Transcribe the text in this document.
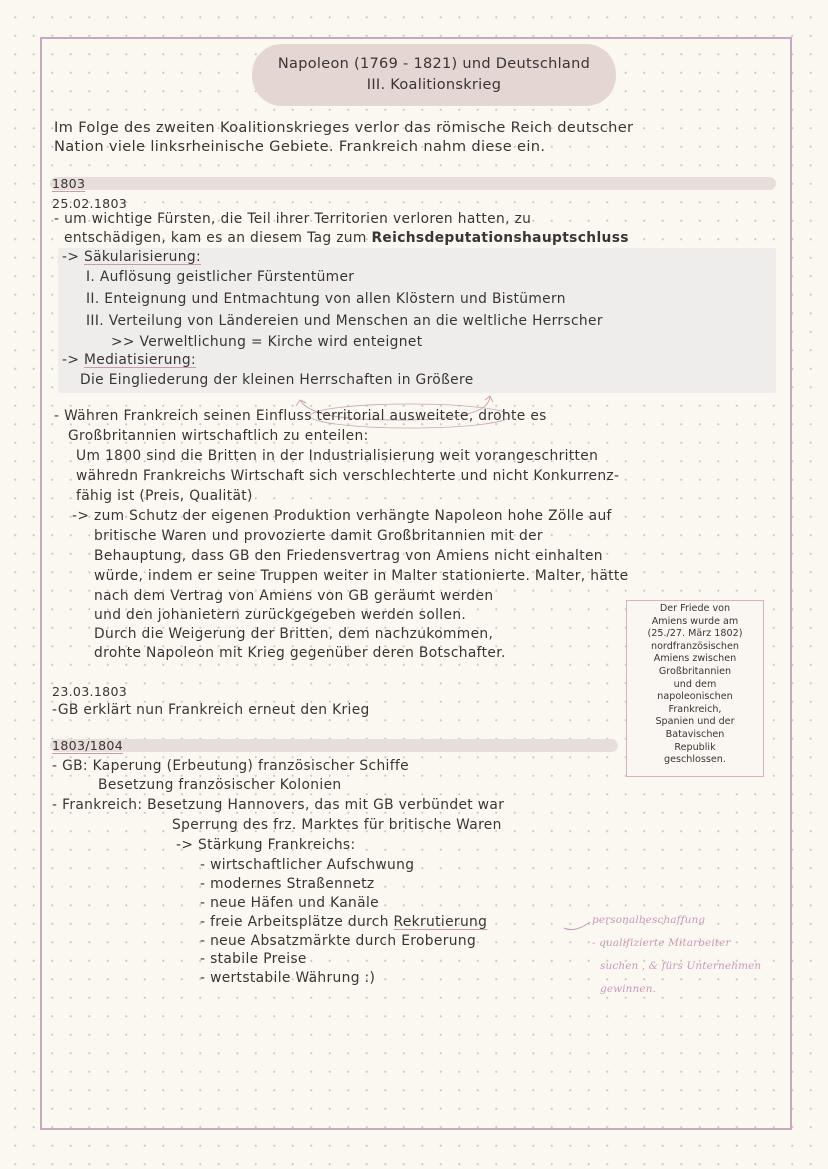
Napoleon (1769 - 1821) und Deutschland
III. Koalitionskrieg
Im Folge des zweiten Koalitionskrieges verlor das römische Reich deutscher
Nation viele linksrheinische Gebiete. Frankreich nahm diese ein.
1803
25.02.1803
- um wichtige Fürsten, die Teil ihrer Territorien verloren hatten, zu
entschädigen, kam es an diesem Tag zum Reichsdeputationshauptschluss
-> Säkularisierung:
I. Auflösung geistlicher Fürstentümer
II. Enteignung und Entmachtung von allen Klöstern und Bistümern
III. Verteilung von Ländereien und Menschen an die weltliche Herrscher
>> Verweltlichung = Kirche wird enteignet
-> Mediatisierung:
Die Eingliederung der kleinen Herrschaften in Größere
- Währen Frankreich seinen Einfluss territorial ausweitete, drohte es
Großbritannien wirtschaftlich zu enteilen:
Um 1800 sind die Britten in der Industrialisierung weit vorangeschritten
währedn Frankreichs Wirtschaft sich verschlechterte und nicht Konkurrenz-
fähig ist (Preis, Qualität)
-> zum Schutz der eigenen Produktion verhängte Napoleon hohe Zölle auf
britische Waren und provozierte damit Großbritannien mit der
Behauptung, dass GB den Friedensvertrag von Amiens nicht einhalten
würde, indem er seine Truppen weiter in Malter stationierte. Malter, hätte
nach dem Vertrag von Amiens von GB geräumt werden
und den johanietern zurückgegeben werden sollen.
Durch die Weigerung der Britten, dem nachzukommen,
drohte Napoleon mit Krieg gegenüber deren Botschafter.
23.03.1803
-GB erklärt nun Frankreich erneut den Krieg
Der Friede von
Amiens wurde am
(25./27. März 1802)
nordfranzösischen
Amiens zwischen
Großbritannien
und dem
napoleonischen
Frankreich,
Spanien und der
Batavischen
Republik
geschlossen.
1803/1804
- GB: Kaperung (Erbeutung) französischer Schiffe
Besetzung französischer Kolonien
- Frankreich: Besetzung Hannovers, das mit GB verbündet war
Sperrung des frz. Marktes für britische Waren
-> Stärkung Frankreichs:
- wirtschaftlicher Aufschwung
- modernes Straßennetz
- neue Häfen und Kanäle
- freie Arbeitsplätze durch Rekrutierung
- neue Absatzmärkte durch Eroberung
- stabile Preise
- wertstabile Währung :)
personalbeschaffung
- qualifizierte Mitarbeiter
suchen , & fürs Unternehmen
gewinnen.
